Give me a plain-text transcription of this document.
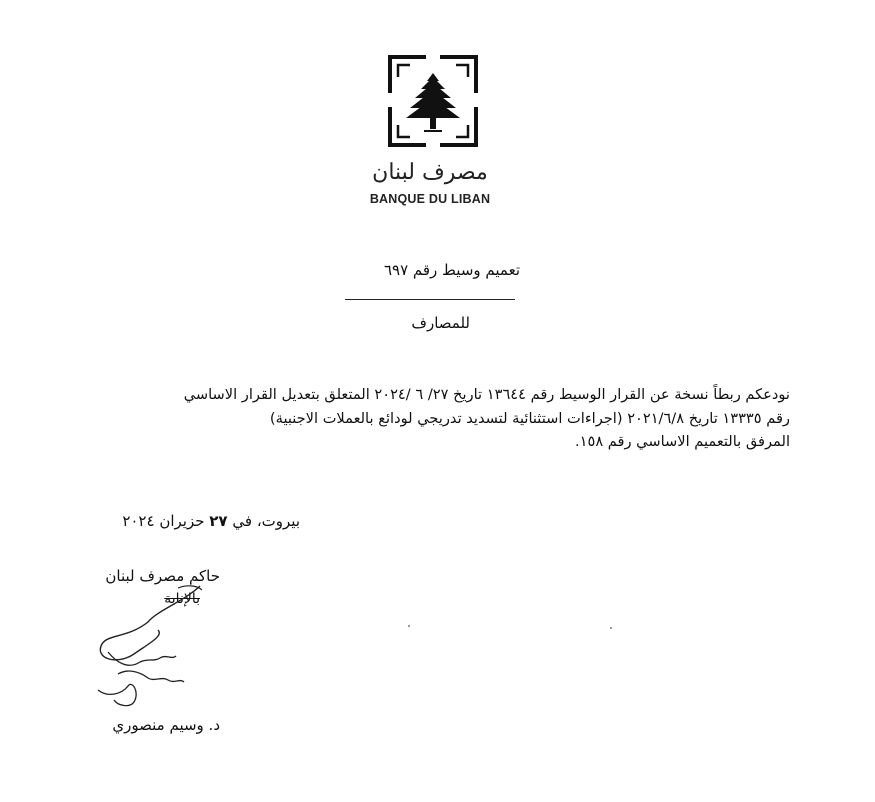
مصرف لبنان
BANQUE DU LIBAN
تعميم وسيط رقم ٦٩٧
للمصارف

نودعكم ربطاً نسخة عن القرار الوسيط رقم ١٣٦٤٤ تاريخ ٢٧/ ٦ /٢٠٢٤ المتعلق بتعديل القرار الاساسي

رقم ١٣٣٣٥ تاريخ ٢٠٢١/٦/٨ (اجراءات استثنائية لتسديد تدريجي لودائع بالعملات الاجنبية)

المرفق بالتعميم الاساسي رقم ١٥٨.

بيروت، في ٢٧ حزيران ٢٠٢٤
حاكم مصرف لبنان
بالإنابة
د. وسيم منصوري
